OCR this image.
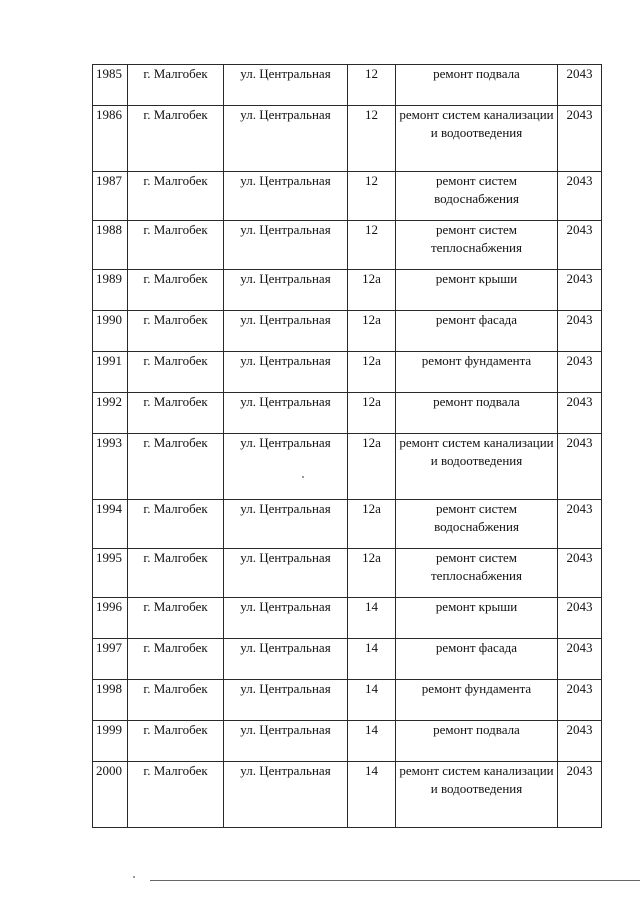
1985	г. Малгобек	ул. Центральная	12	ремонт подвала	2043
1986	г. Малгобек	ул. Центральная	12	ремонт систем канализации и водоотведения	2043
1987	г. Малгобек	ул. Центральная	12	ремонт систем водоснабжения	2043
1988	г. Малгобек	ул. Центральная	12	ремонт систем теплоснабжения	2043
1989	г. Малгобек	ул. Центральная	12а	ремонт крыши	2043
1990	г. Малгобек	ул. Центральная	12а	ремонт фасада	2043
1991	г. Малгобек	ул. Центральная	12а	ремонт фундамента	2043
1992	г. Малгобек	ул. Центральная	12а	ремонт подвала	2043
1993	г. Малгобек	ул. Центральная	12а	ремонт систем канализации и водоотведения	2043
1994	г. Малгобек	ул. Центральная	12а	ремонт систем водоснабжения	2043
1995	г. Малгобек	ул. Центральная	12а	ремонт систем теплоснабжения	2043
1996	г. Малгобек	ул. Центральная	14	ремонт крыши	2043
1997	г. Малгобек	ул. Центральная	14	ремонт фасада	2043
1998	г. Малгобек	ул. Центральная	14	ремонт фундамента	2043
1999	г. Малгобек	ул. Центральная	14	ремонт подвала	2043
2000	г. Малгобек	ул. Центральная	14	ремонт систем канализации и водоотведения	2043
